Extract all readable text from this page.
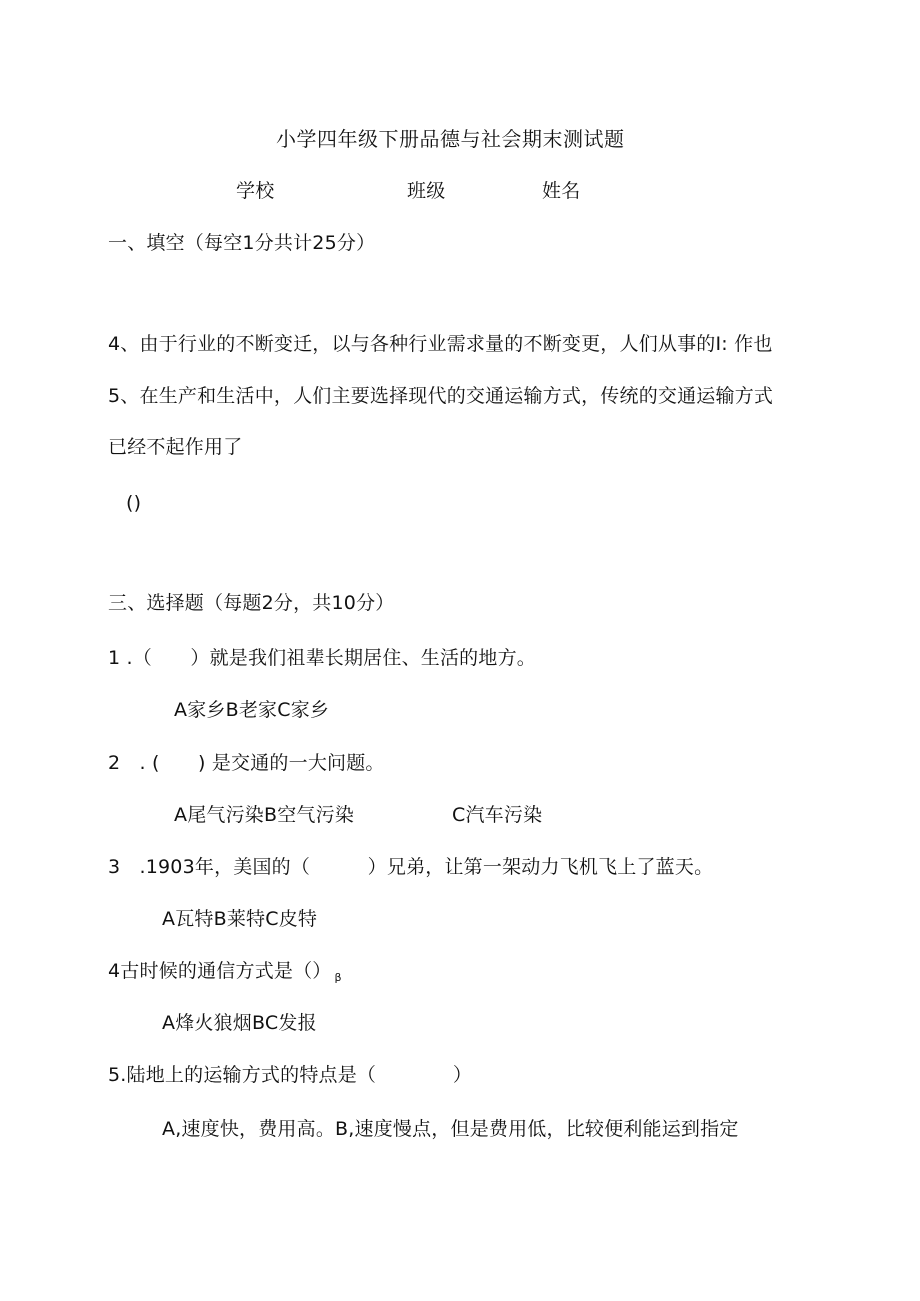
小学四年级下册品德与社会期末测试题
学校	班级	姓名
一、填空（每空1分共计25分）
4、由于行业的不断变迁，以与各种行业需求量的不断变更，人们从事的I: 作也
5、在生产和生活中，人们主要选择现代的交通运输方式，传统的交通运输方式
已经不起作用了
()
三、选择题（每题2分，共10分）
1 .（　　）就是我们祖辈长期居住、生活的地方。
A家乡B老家C家乡
2　. (　　) 是交通的一大问题。
A尾气污染B空气污染	C汽车污染
3　.1903年，美国的（　　　）兄弟，让第一架动力飞机飞上了蓝天。
A瓦特B莱特C皮特
4古时候的通信方式是（） $_\beta$
A烽火狼烟BC发报
5.陆地上的运输方式的特点是（　　　　）
A,速度快，费用高。B,速度慢点，但是费用低，比较便利能运到指定
